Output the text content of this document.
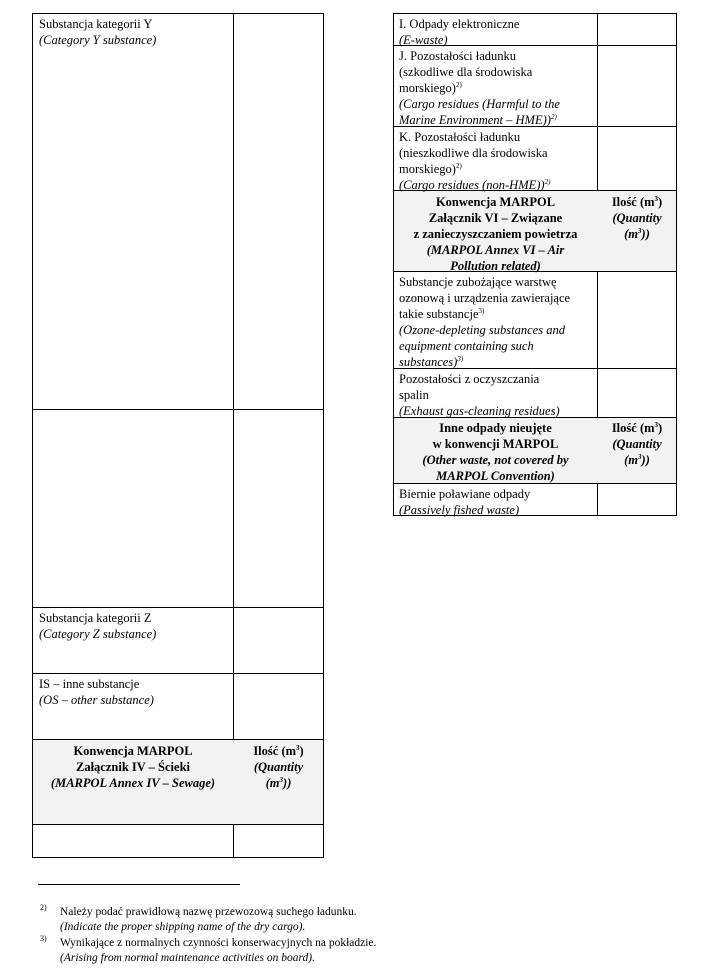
Substancja kategorii Y
(Category Y substance)
Substancja kategorii Z
(Category Z substance)
IS – inne substancje
(OS – other substance)
Konwencja MARPOL
Załącznik IV – Ścieki
(MARPOL Annex IV – Sewage)
Ilość $(m^3)$
(Quantity
$(m^3)$)
I. Odpady elektroniczne
(E-waste)
J. Pozostałości ładunku
(szkodliwe dla środowiska
morskiego)$^{2)}$
(Cargo residues (Harmful to the
Marine Environment – HME))$^{2)}$
K. Pozostałości ładunku
(nieszkodliwe dla środowiska
morskiego)$^{2)}$
(Cargo residues (non-HME))$^{2)}$
Konwencja MARPOL
Załącznik VI – Związane
z zanieczyszczaniem powietrza
(MARPOL Annex VI – Air
Pollution related)
Ilość $(m^3)$
(Quantity
$(m^3)$)
Substancje zubożające warstwę
ozonową i urządzenia zawierające
takie substancje$^{3)}$
(Ozone-depleting substances and
equipment containing such
substances)$^{3)}$
Pozostałości z oczyszczania
spalin
(Exhaust gas-cleaning residues)
Inne odpady nieujęte
w konwencji MARPOL
(Other waste, not covered by
MARPOL Convention)
Ilość $(m^3)$
(Quantity
$(m^3)$)
Biernie poławiane odpady
(Passively fished waste)
2) Należy podać prawidłową nazwę przewozową suchego ładunku.
(Indicate the proper shipping name of the dry cargo).
3) Wynikające z normalnych czynności konserwacyjnych na pokładzie.
(Arising from normal maintenance activities on board).
